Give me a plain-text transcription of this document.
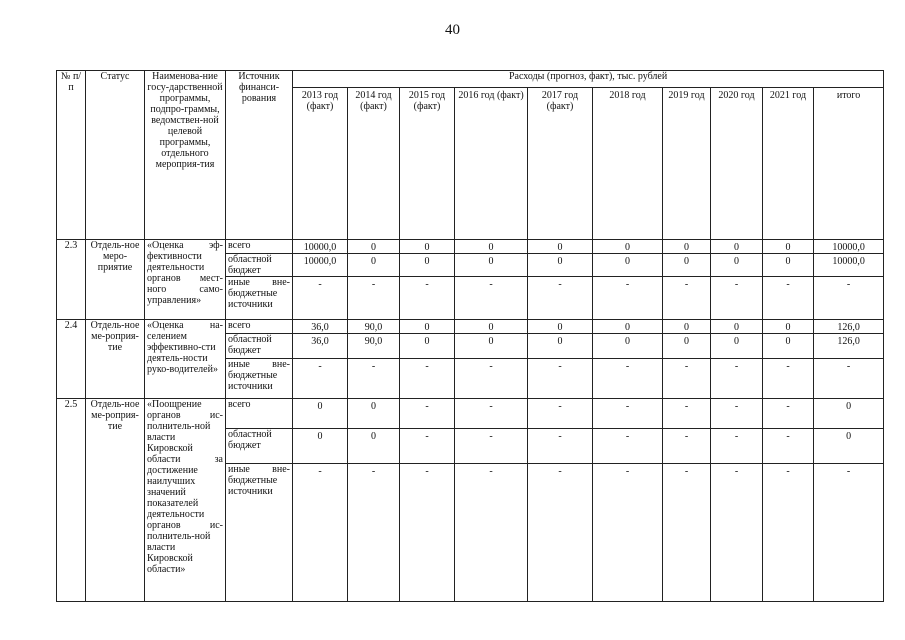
40
№ п/п	Статус	Наименова-ние госу-дарственной программы, подпро-граммы, ведомствен-ной целевой программы, отдельного мероприя-тия	Источник финанси-рования	Расходы (прогноз, факт), тыс. рублей									
				2013 год (факт)	2014 год (факт)	2015 год (факт)	2016 год (факт)	2017 год (факт)	2018 год	2019 год	2020 год	2021 год	итого
2.3	Отдель-ное меро-приятие	«Оценка эф-фективности деятельности органов мест-ного само-управления»	всего	10000,0	0	0	0	0	0	0	0	0	10000,0
			областной бюджет	10000,0	0	0	0	0	0	0	0	0	10000,0
			иные вне-бюджетные источники	-	-	-	-	-	-	-	-	-	-
2.4	Отдель-ное ме-роприя-тие	«Оценка на-селением эффективно-сти деятель-ности руко-водителей»	всего	36,0	90,0	0	0	0	0	0	0	0	126,0
			областной бюджет	36,0	90,0	0	0	0	0	0	0	0	126,0
			иные вне-бюджетные источники	-	-	-	-	-	-	-	-	-	-
2.5	Отдель-ное ме-роприя-тие	«Поощрение органов ис-полнитель-ной власти Кировской области за достижение наилучших значений показателей деятельности органов ис-полнитель-ной власти Кировской области»	всего	0	0	-	-	-	-	-	-	-	0
			областной бюджет	0	0	-	-	-	-	-	-	-	0
			иные вне-бюджетные источники	-	-	-	-	-	-	-	-	-	-
